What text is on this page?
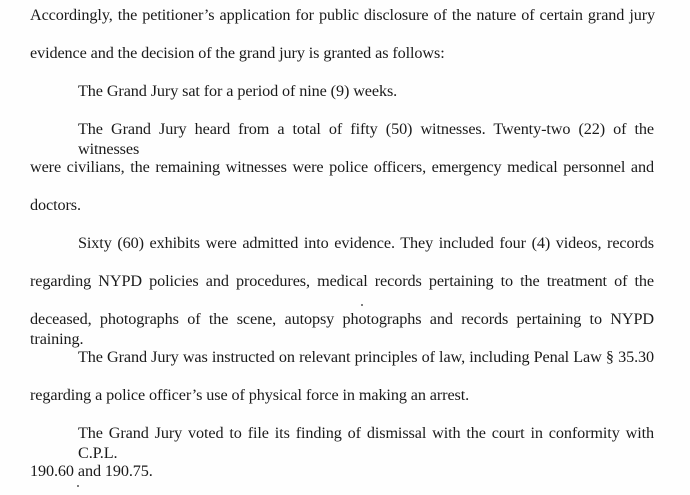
Accordingly, the petitioner’s application for public disclosure of the nature of certain grand jury
evidence and the decision of the grand jury is granted as follows:
The Grand Jury sat for a period of nine (9) weeks.
The Grand Jury heard from a total of fifty (50) witnesses. Twenty-two (22) of the witnesses
were civilians, the remaining witnesses were police officers, emergency medical personnel and
doctors.
Sixty (60) exhibits were admitted into evidence. They included four (4) videos, records
regarding NYPD policies and procedures, medical records pertaining to the treatment of the
deceased, photographs of the scene, autopsy photographs and records pertaining to NYPD training.
The Grand Jury was instructed on relevant principles of law, including Penal Law § 35.30
regarding a police officer’s use of physical force in making an arrest.
The Grand Jury voted to file its finding of dismissal with the court in conformity with C.P.L.
190.60 and 190.75.
